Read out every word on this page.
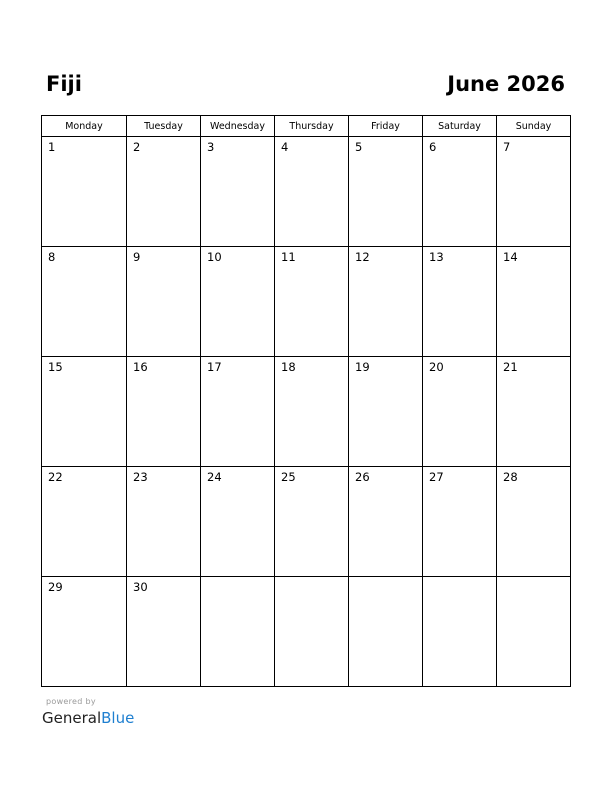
Fiji	June 2026
Monday	Tuesday	Wednesday	Thursday	Friday	Saturday	Sunday

1	2	3	4	5	6	7

8	9	10	11	12	13	14

15	16	17	18	19	20	21

22	23	24	25	26	27	28

29	30					

powered by
GeneralBlue
